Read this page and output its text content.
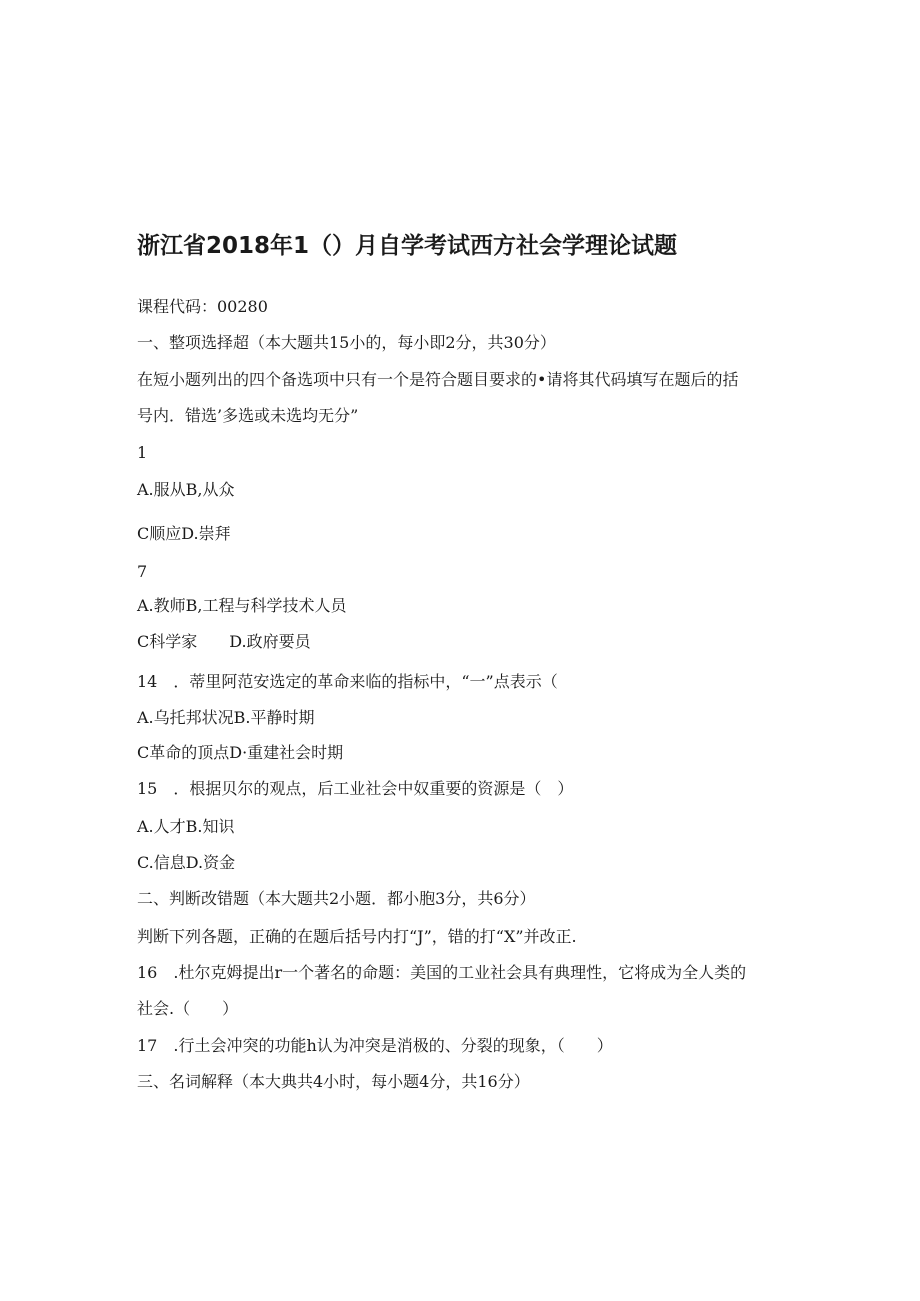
浙江省2018年1（）月自学考试西方社会学理论试题
课程代码：00280
一、整项选择超（本大题共15小的，每小即2分，共30分）
在短小题列出的四个备选项中只有一个是符合题目要求的•请将其代码填写在题后的括
号内．错选’多选或未选均无分”
1
A.服从B,从众
C顺应D.崇拜
7
A.教师B,工程与科学技术人员
C科学家　　D.政府要员
14　．蒂里阿范安选定的革命来临的指标中，“一”点表示（
A.乌托邦状况B.平静时期
C革命的顶点D·重建社会时期
15　．根据贝尔的观点，后工业社会中奴重要的资源是（　）
A.人才B.知识
C.信息D.资金
二、判断改错题（本大题共2小题．都小胞3分，共6分）
判断下列各题，正确的在题后括号内打“J”，错的打“X”并改正.
16　.杜尔克姆提出r一个著名的命题：美国的工业社会具有典理性，它将成为全人类的
社会.（　　）
17　.行土会冲突的功能h认为冲突是消极的、分裂的现象，（　　）
三、名词解释（本大典共4小时，每小题4分，共16分）
